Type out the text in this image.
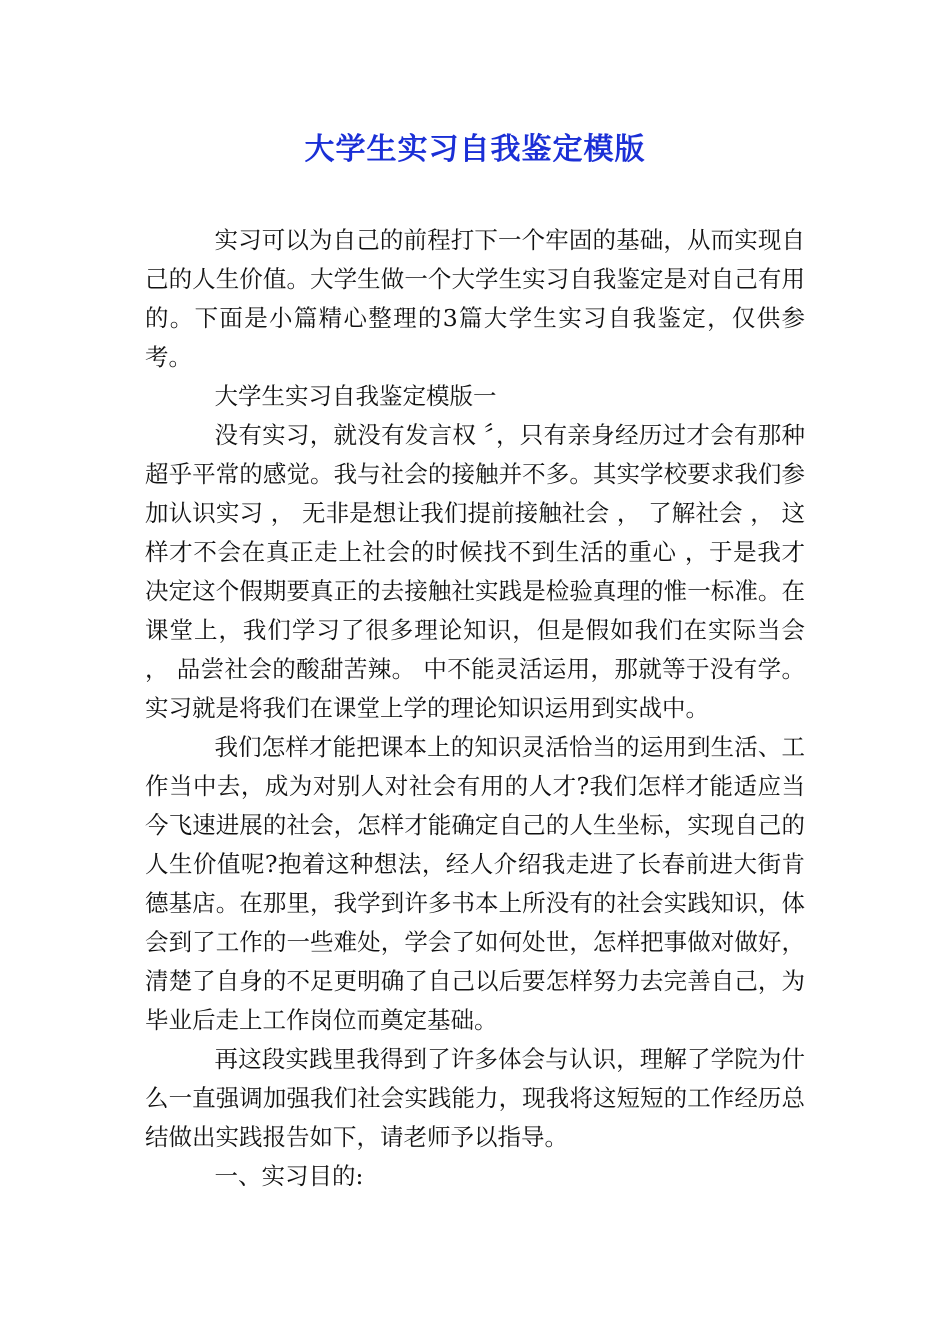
大学生实习自我鉴定模版

实习可以为自己的前程打下一个牢固的基础，从而实现自己的人生价值。大学生做一个大学生实习自我鉴定是对自己有用的。下面是小篇精心整理的3篇大学生实习自我鉴定，仅供参考。

大学生实习自我鉴定模版一

没有实习，就没有发言权 〞，只有亲身经历过才会有那种超乎平常的感觉。我与社会的接触并不多。其实学校要求我们参加认识实习 ， 无非是想让我们提前接触社会 ， 了解社会 ， 这样才不会在真正走上社会的时候找不到生活的重心 ，于是我才决定这个假期要真正的去接触社实践是检验真理的惟一标准。在课堂上，我们学习了很多理论知识，但是假如我们在实际当会 ， 品尝社会的酸甜苦辣。 中不能灵活运用，那就等于没有学。实习就是将我们在课堂上学的理论知识运用到实战中。

我们怎样才能把课本上的知识灵活恰当的运用到生活、工作当中去，成为对别人对社会有用的人才?我们怎样才能适应当今飞速进展的社会，怎样才能确定自己的人生坐标，实现自己的人生价值呢?抱着这种想法，经人介绍我走进了长春前进大街肯德基店。在那里，我学到许多书本上所没有的社会实践知识，体会到了工作的一些难处，学会了如何处世，怎样把事做对做好，清楚了自身的不足更明确了自己以后要怎样努力去完善自己，为毕业后走上工作岗位而奠定基础。

再这段实践里我得到了许多体会与认识，理解了学院为什么一直强调加强我们社会实践能力，现我将这短短的工作经历总结做出实践报告如下，请老师予以指导。

一、实习目的:
